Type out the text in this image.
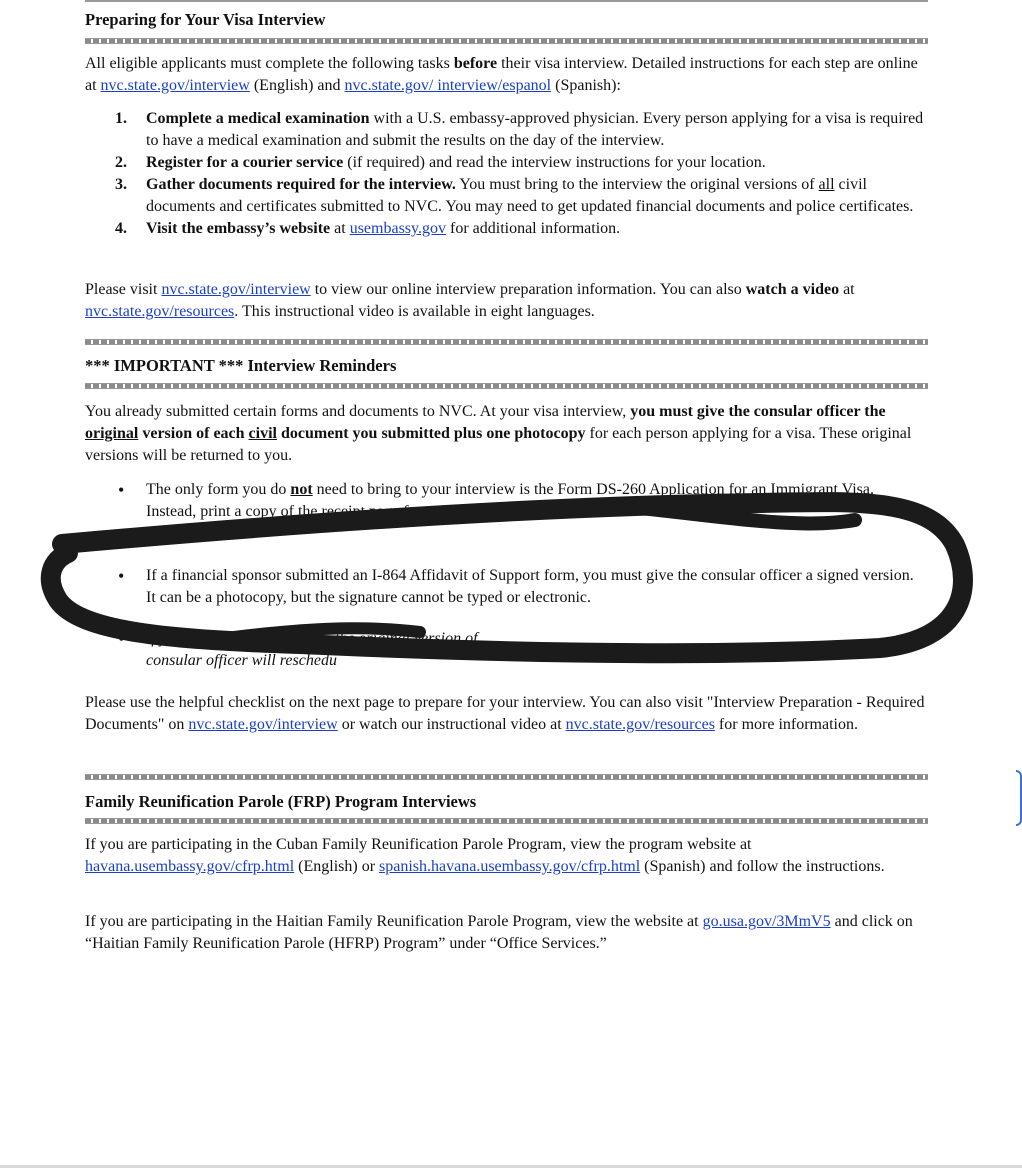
Preparing for Your Visa Interview

All eligible applicants must complete the following tasks before their visa interview. Detailed instructions for each step are online at nvc.state.gov/interview (English) and nvc.state.gov/ interview/espanol (Spanish):

1. Complete a medical examination with a U.S. embassy-approved physician. Every person applying for a visa is required to have a medical examination and submit the results on the day of the interview.
2. Register for a courier service (if required) and read the interview instructions for your location.
3. Gather documents required for the interview. You must bring to the interview the original versions of all civil documents and certificates submitted to NVC. You may need to get updated financial documents and police certificates.
4. Visit the embassy’s website at usembassy.gov for additional information.

Please visit nvc.state.gov/interview to view our online interview preparation information. You can also watch a video at nvc.state.gov/resources. This instructional video is available in eight languages.

*** IMPORTANT *** Interview Reminders

You already submitted certain forms and documents to NVC. At your visa interview, you must give the consular officer the original version of each civil document you submitted plus one photocopy for each person applying for a visa. These original versions will be returned to you.

• The only form you do not need to bring to your interview is the Form DS-260 Application for an Immigrant Visa. Instead, print a copy of the receipt page from ceac.state.gov showin
• If a financial sponsor submitted an I-864 Affidavit of Support form, you must give the consular officer a signed version. It can be a photocopy, but the signature cannot be typed or electronic.
• If you do not	interview the original version of
consular officer will reschedu

Please use the helpful checklist on the next page to prepare for your interview. You can also visit "Interview Preparation - Required Documents" on nvc.state.gov/interview or watch our instructional video at nvc.state.gov/resources for more information.

Family Reunification Parole (FRP) Program Interviews

If you are participating in the Cuban Family Reunification Parole Program, view the program website at havana.usembassy.gov/cfrp.html (English) or spanish.havana.usembassy.gov/cfrp.html (Spanish) and follow the instructions.

If you are participating in the Haitian Family Reunification Parole Program, view the website at go.usa.gov/3MmV5 and click on “Haitian Family Reunification Parole (HFRP) Program” under “Office Services.”
